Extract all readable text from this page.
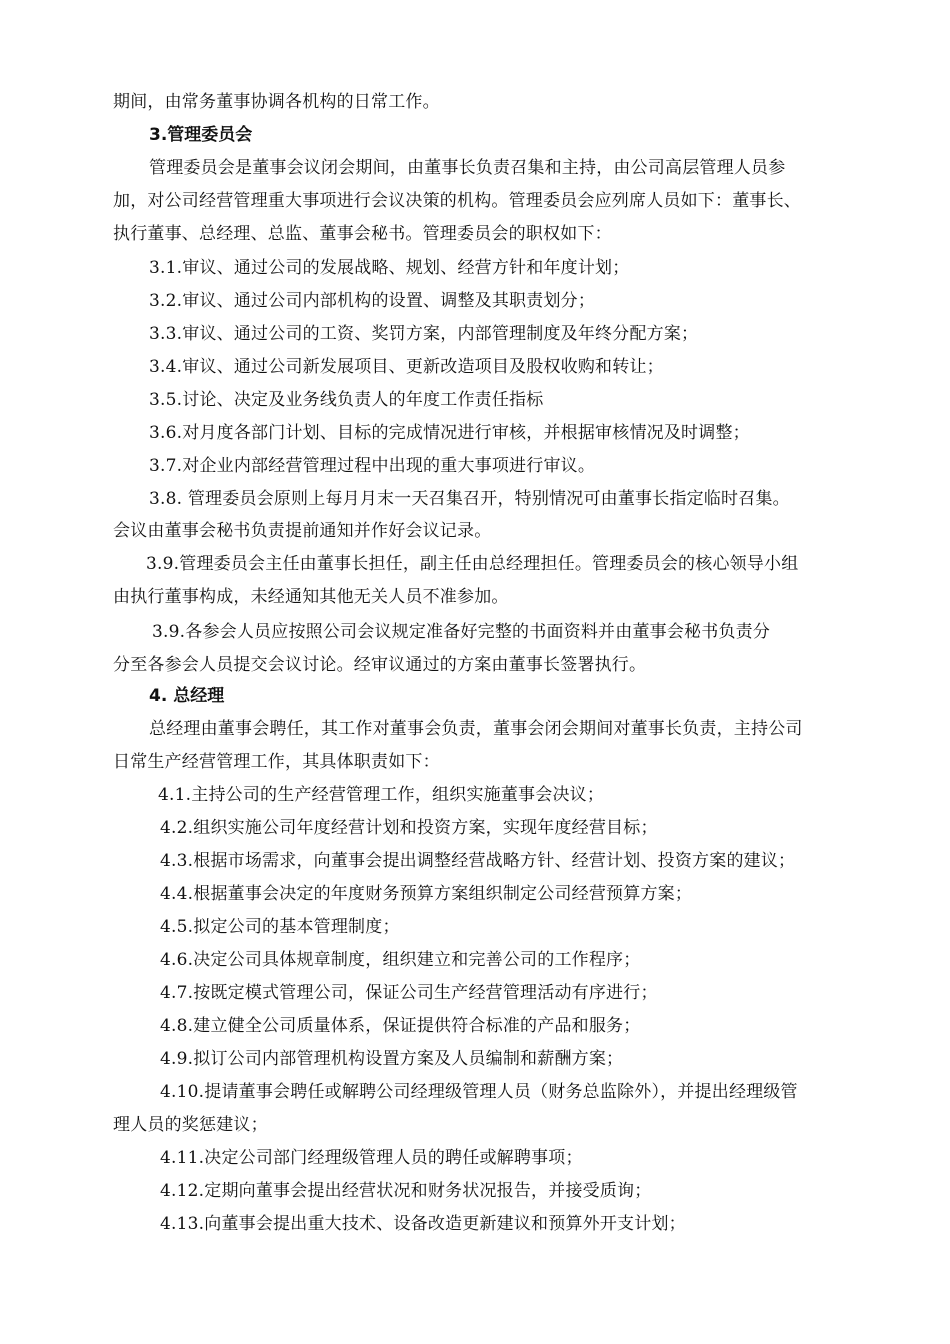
期间，由常务董事协调各机构的日常工作。

3.管理委员会

管理委员会是董事会议闭会期间，由董事长负责召集和主持，由公司高层管理人员参

加，对公司经营管理重大事项进行会议决策的机构。管理委员会应列席人员如下：董事长、

执行董事、总经理、总监、董事会秘书。管理委员会的职权如下：

3.1.审议、通过公司的发展战略、规划、经营方针和年度计划；

3.2.审议、通过公司内部机构的设置、调整及其职责划分；

3.3.审议、通过公司的工资、奖罚方案，内部管理制度及年终分配方案；

3.4.审议、通过公司新发展项目、更新改造项目及股权收购和转让；

3.5.讨论、决定及业务线负责人的年度工作责任指标

3.6.对月度各部门计划、目标的完成情况进行审核，并根据审核情况及时调整；

3.7.对企业内部经营管理过程中出现的重大事项进行审议。

3.8. 管理委员会原则上每月月末一天召集召开，特别情况可由董事长指定临时召集。

会议由董事会秘书负责提前通知并作好会议记录。

3.9.管理委员会主任由董事长担任，副主任由总经理担任。管理委员会的核心领导小组

由执行董事构成，未经通知其他无关人员不准参加。

3.9.各参会人员应按照公司会议规定准备好完整的书面资料并由董事会秘书负责分

分至各参会人员提交会议讨论。经审议通过的方案由董事长签署执行。

4. 总经理

总经理由董事会聘任，其工作对董事会负责，董事会闭会期间对董事长负责，主持公司

日常生产经营管理工作，其具体职责如下：

4.1.主持公司的生产经营管理工作，组织实施董事会决议；

4.2.组织实施公司年度经营计划和投资方案，实现年度经营目标；

4.3.根据市场需求，向董事会提出调整经营战略方针、经营计划、投资方案的建议；

4.4.根据董事会决定的年度财务预算方案组织制定公司经营预算方案；

4.5.拟定公司的基本管理制度；

4.6.决定公司具体规章制度，组织建立和完善公司的工作程序；

4.7.按既定模式管理公司，保证公司生产经营管理活动有序进行；

4.8.建立健全公司质量体系，保证提供符合标准的产品和服务；

4.9.拟订公司内部管理机构设置方案及人员编制和薪酬方案；

4.10.提请董事会聘任或解聘公司经理级管理人员（财务总监除外），并提出经理级管

理人员的奖惩建议；

4.11.决定公司部门经理级管理人员的聘任或解聘事项；

4.12.定期向董事会提出经营状况和财务状况报告，并接受质询；

4.13.向董事会提出重大技术、设备改造更新建议和预算外开支计划；
